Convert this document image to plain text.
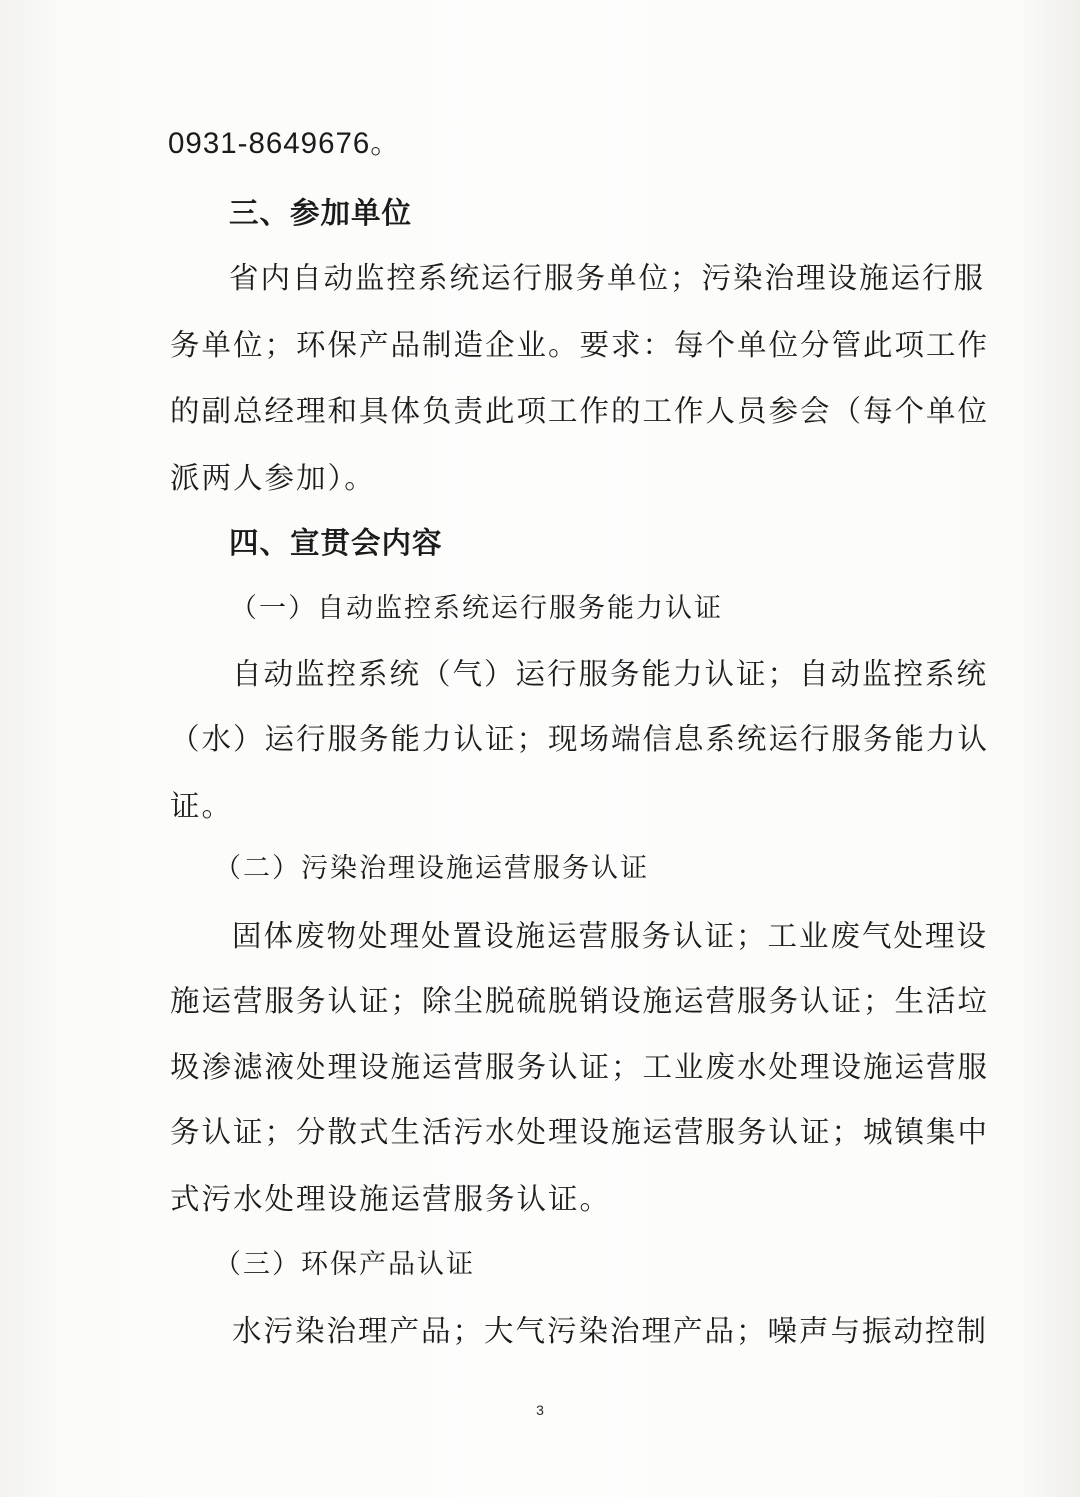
0931-8649676。
三、参加单位
省内自动监控系统运行服务单位；污染治理设施运行服
务单位；环保产品制造企业。要求：每个单位分管此项工作
的副总经理和具体负责此项工作的工作人员参会（每个单位
派两人参加）。
四、宣贯会内容
（一）自动监控系统运行服务能力认证
自动监控系统（气）运行服务能力认证；自动监控系统
（水）运行服务能力认证；现场端信息系统运行服务能力认
证。
（二）污染治理设施运营服务认证
固体废物处理处置设施运营服务认证；工业废气处理设
施运营服务认证；除尘脱硫脱销设施运营服务认证；生活垃
圾渗滤液处理设施运营服务认证；工业废水处理设施运营服
务认证；分散式生活污水处理设施运营服务认证；城镇集中
式污水处理设施运营服务认证。
（三）环保产品认证
水污染治理产品；大气污染治理产品；噪声与振动控制
3
